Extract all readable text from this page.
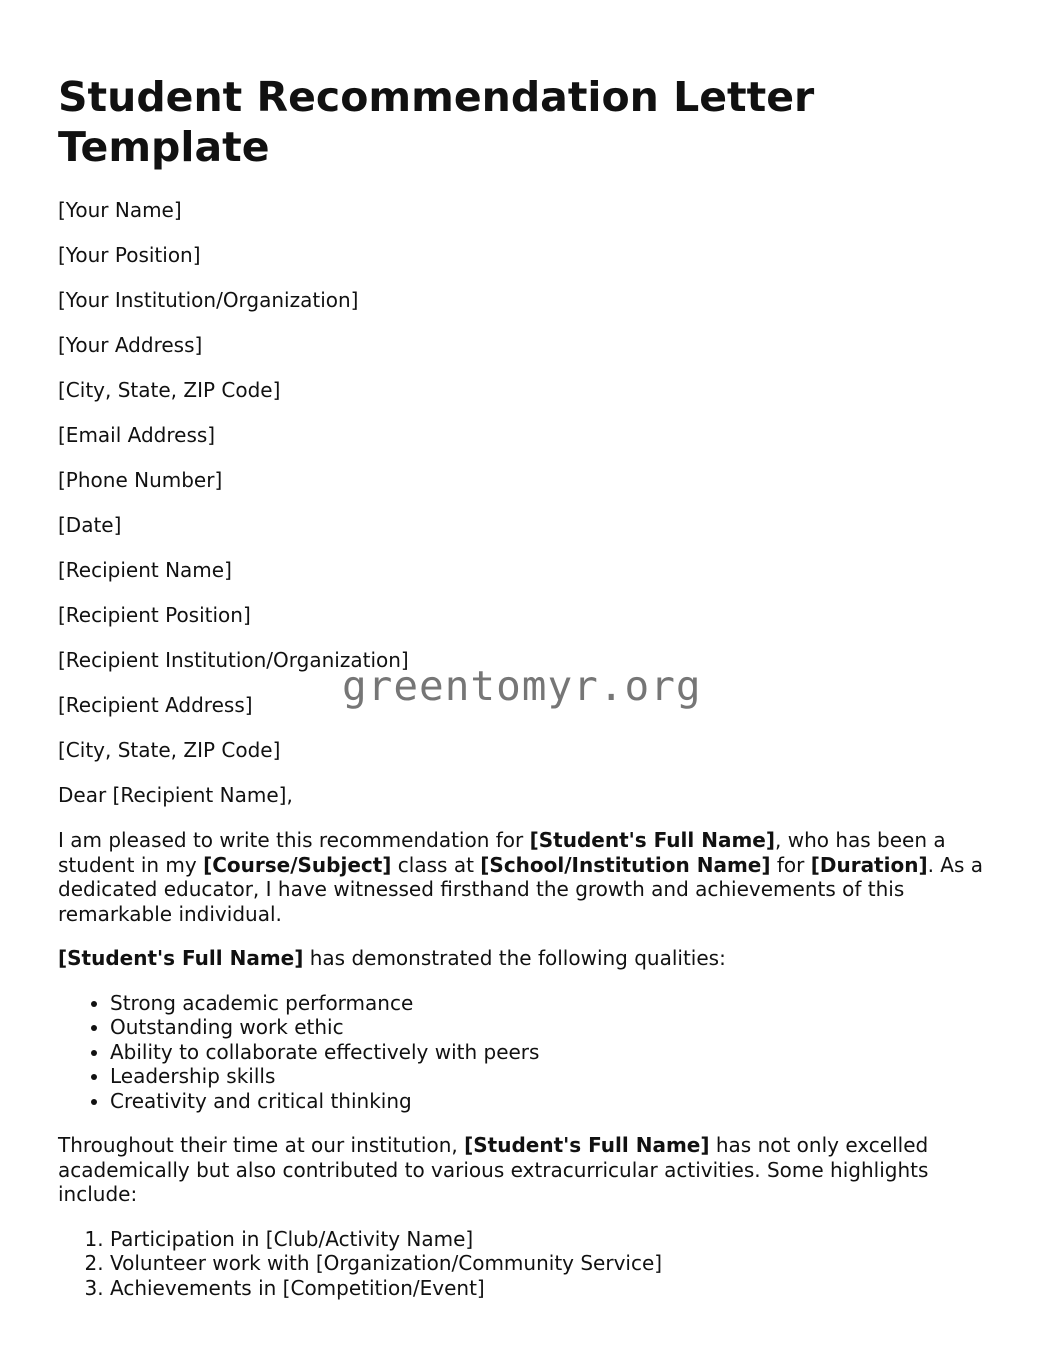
Student Recommendation Letter Template
[Your Name]
[Your Position]
[Your Institution/Organization]
[Your Address]
[City, State, ZIP Code]
[Email Address]
[Phone Number]
[Date]
[Recipient Name]
[Recipient Position]
[Recipient Institution/Organization]
[Recipient Address]
[City, State, ZIP Code]
Dear [Recipient Name],

I am pleased to write this recommendation for [Student's Full Name], who has been a student in my [Course/Subject] class at [School/Institution Name] for [Duration]. As a dedicated educator, I have witnessed firsthand the growth and achievements of this remarkable individual.

[Student's Full Name] has demonstrated the following qualities:

• Strong academic performance
• Outstanding work ethic
• Ability to collaborate effectively with peers
• Leadership skills
• Creativity and critical thinking

Throughout their time at our institution, [Student's Full Name] has not only excelled academically but also contributed to various extracurricular activities. Some highlights include:

1. Participation in [Club/Activity Name]
2. Volunteer work with [Organization/Community Service]
3. Achievements in [Competition/Event]
greentomyr.org
